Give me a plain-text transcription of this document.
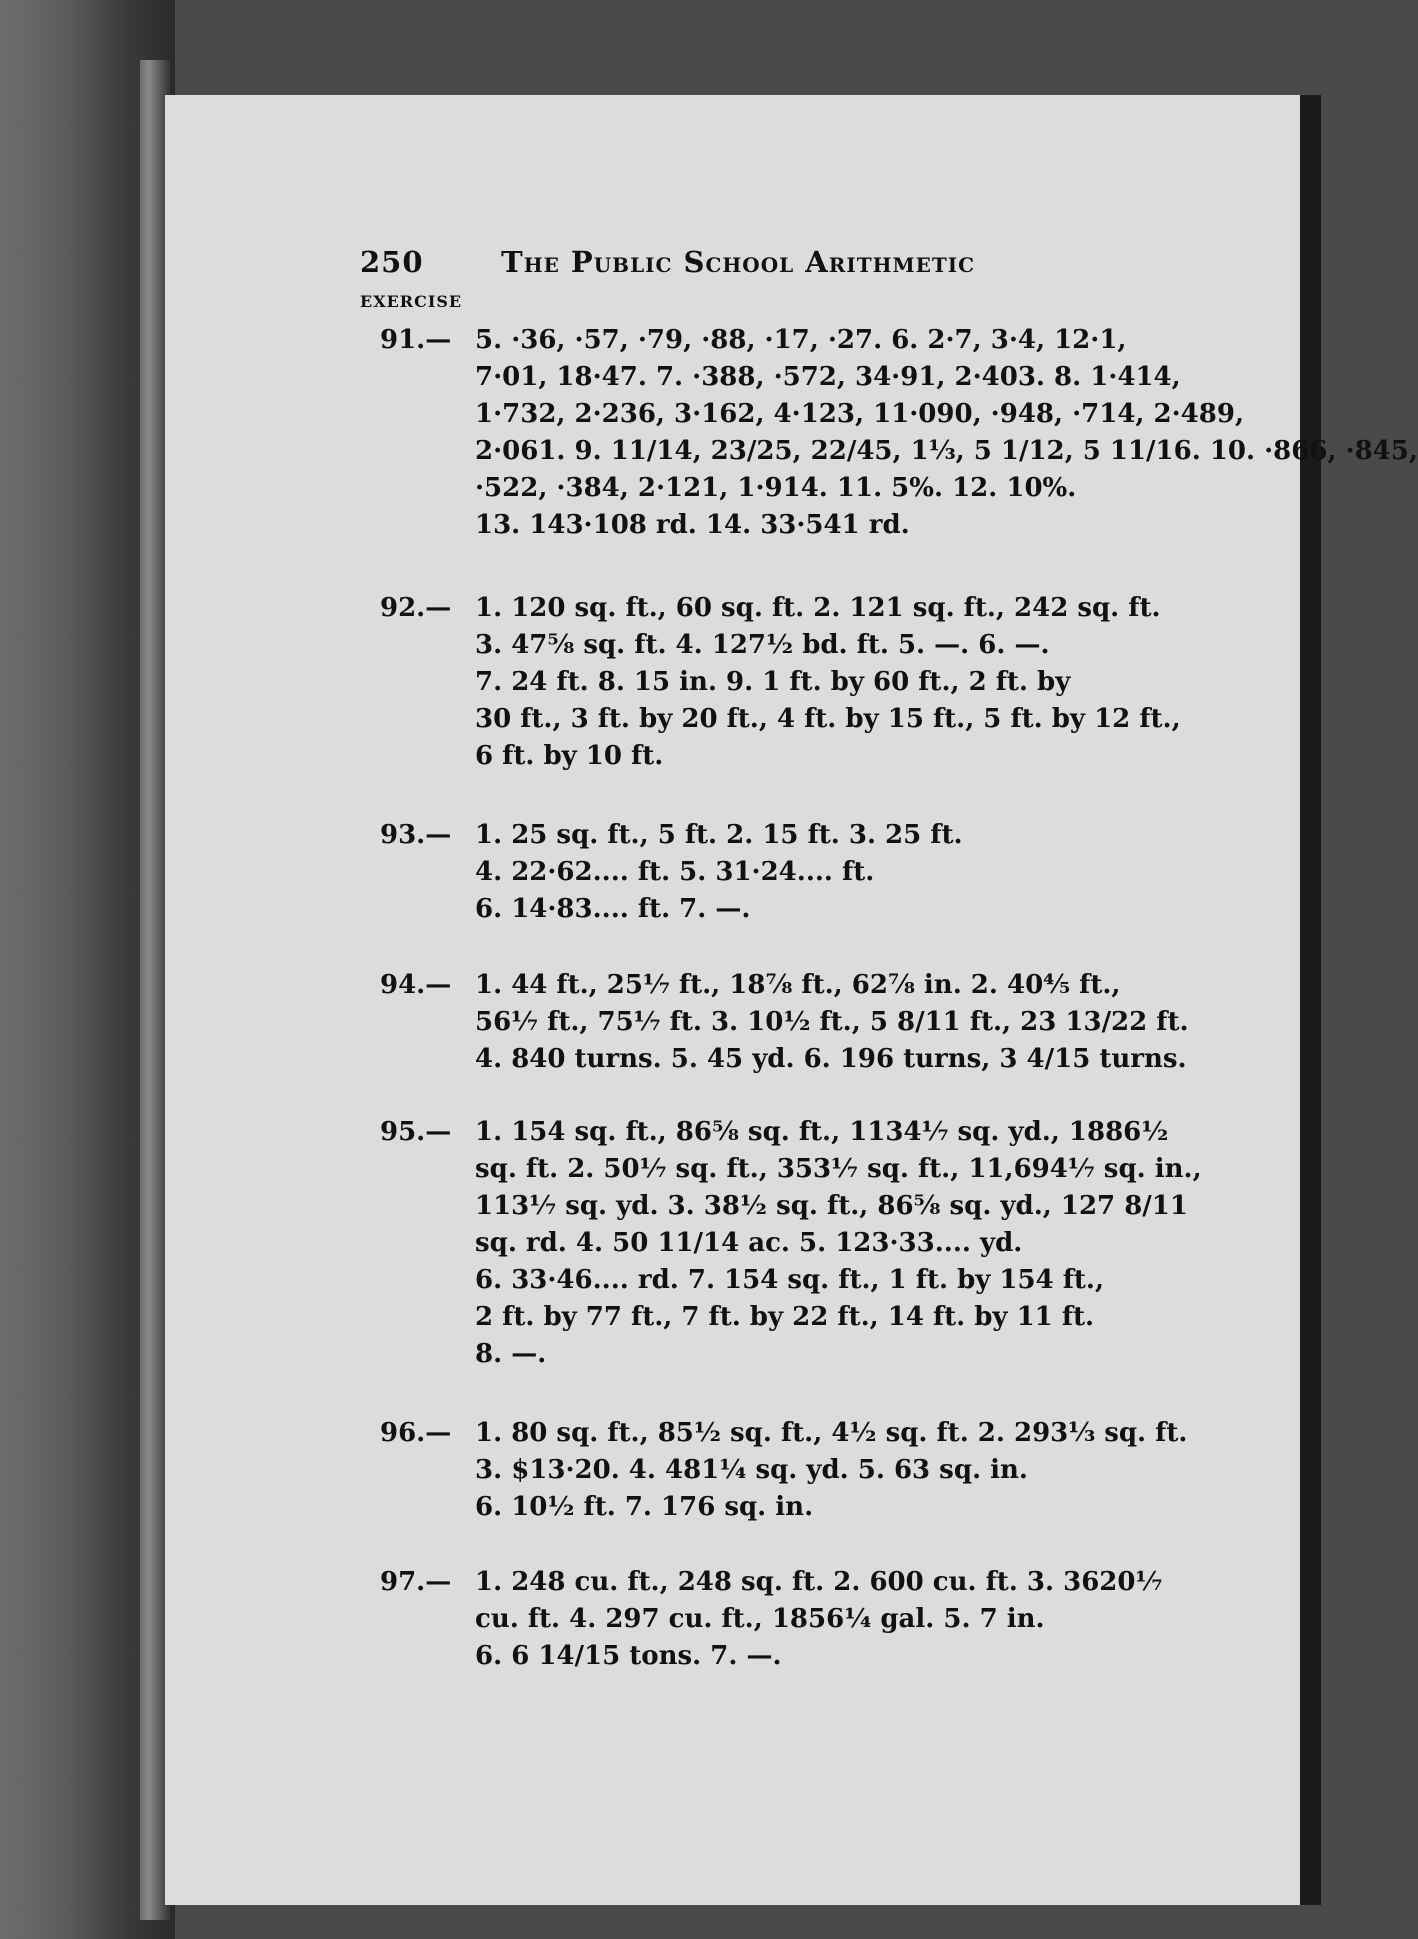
250	The Public School Arithmetic
EXERCISE
91.— 5. ·36, ·57, ·79, ·88, ·17, ·27. 6. 2·7, 3·4, 12·1,
7·01, 18·47. 7. ·388, ·572, 34·91, 2·403. 8. 1·414,
1·732, 2·236, 3·162, 4·123, 11·090, ·948, ·714, 2·489,
2·061. 9. 11/14, 23/25, 22/45, 1⅓, 5 1/12, 5 11/16. 10. ·866, ·845,
·522, ·384, 2·121, 1·914. 11. 5%. 12. 10%.
13. 143·108 rd. 14. 33·541 rd.
92.— 1. 120 sq. ft., 60 sq. ft. 2. 121 sq. ft., 242 sq. ft.
3. 47⅝ sq. ft. 4. 127½ bd. ft. 5. —. 6. —.
7. 24 ft. 8. 15 in. 9. 1 ft. by 60 ft., 2 ft. by
30 ft., 3 ft. by 20 ft., 4 ft. by 15 ft., 5 ft. by 12 ft.,
6 ft. by 10 ft.
93.— 1. 25 sq. ft., 5 ft. 2. 15 ft. 3. 25 ft.
4. 22·62.... ft. 5. 31·24.... ft.
6. 14·83.... ft. 7. —.
94.— 1. 44 ft., 25⅐ ft., 18⅞ ft., 62⅞ in. 2. 40⅘ ft.,
56⅐ ft., 75⅐ ft. 3. 10½ ft., 5 8/11 ft., 23 13/22 ft.
4. 840 turns. 5. 45 yd. 6. 196 turns, 3 4/15 turns.
95.— 1. 154 sq. ft., 86⅝ sq. ft., 1134⅐ sq. yd., 1886½
sq. ft. 2. 50⅐ sq. ft., 353⅐ sq. ft., 11,694⅐ sq. in.,
113⅐ sq. yd. 3. 38½ sq. ft., 86⅝ sq. yd., 127 8/11
sq. rd. 4. 50 11/14 ac. 5. 123·33.... yd.
6. 33·46.... rd. 7. 154 sq. ft., 1 ft. by 154 ft.,
2 ft. by 77 ft., 7 ft. by 22 ft., 14 ft. by 11 ft.
8. —.
96.— 1. 80 sq. ft., 85½ sq. ft., 4½ sq. ft. 2. 293⅓ sq. ft.
3. $13·20. 4. 481¼ sq. yd. 5. 63 sq. in.
6. 10½ ft. 7. 176 sq. in.
97.— 1. 248 cu. ft., 248 sq. ft. 2. 600 cu. ft. 3. 3620⅐
cu. ft. 4. 297 cu. ft., 1856¼ gal. 5. 7 in.
6. 6 14/15 tons. 7. —.
